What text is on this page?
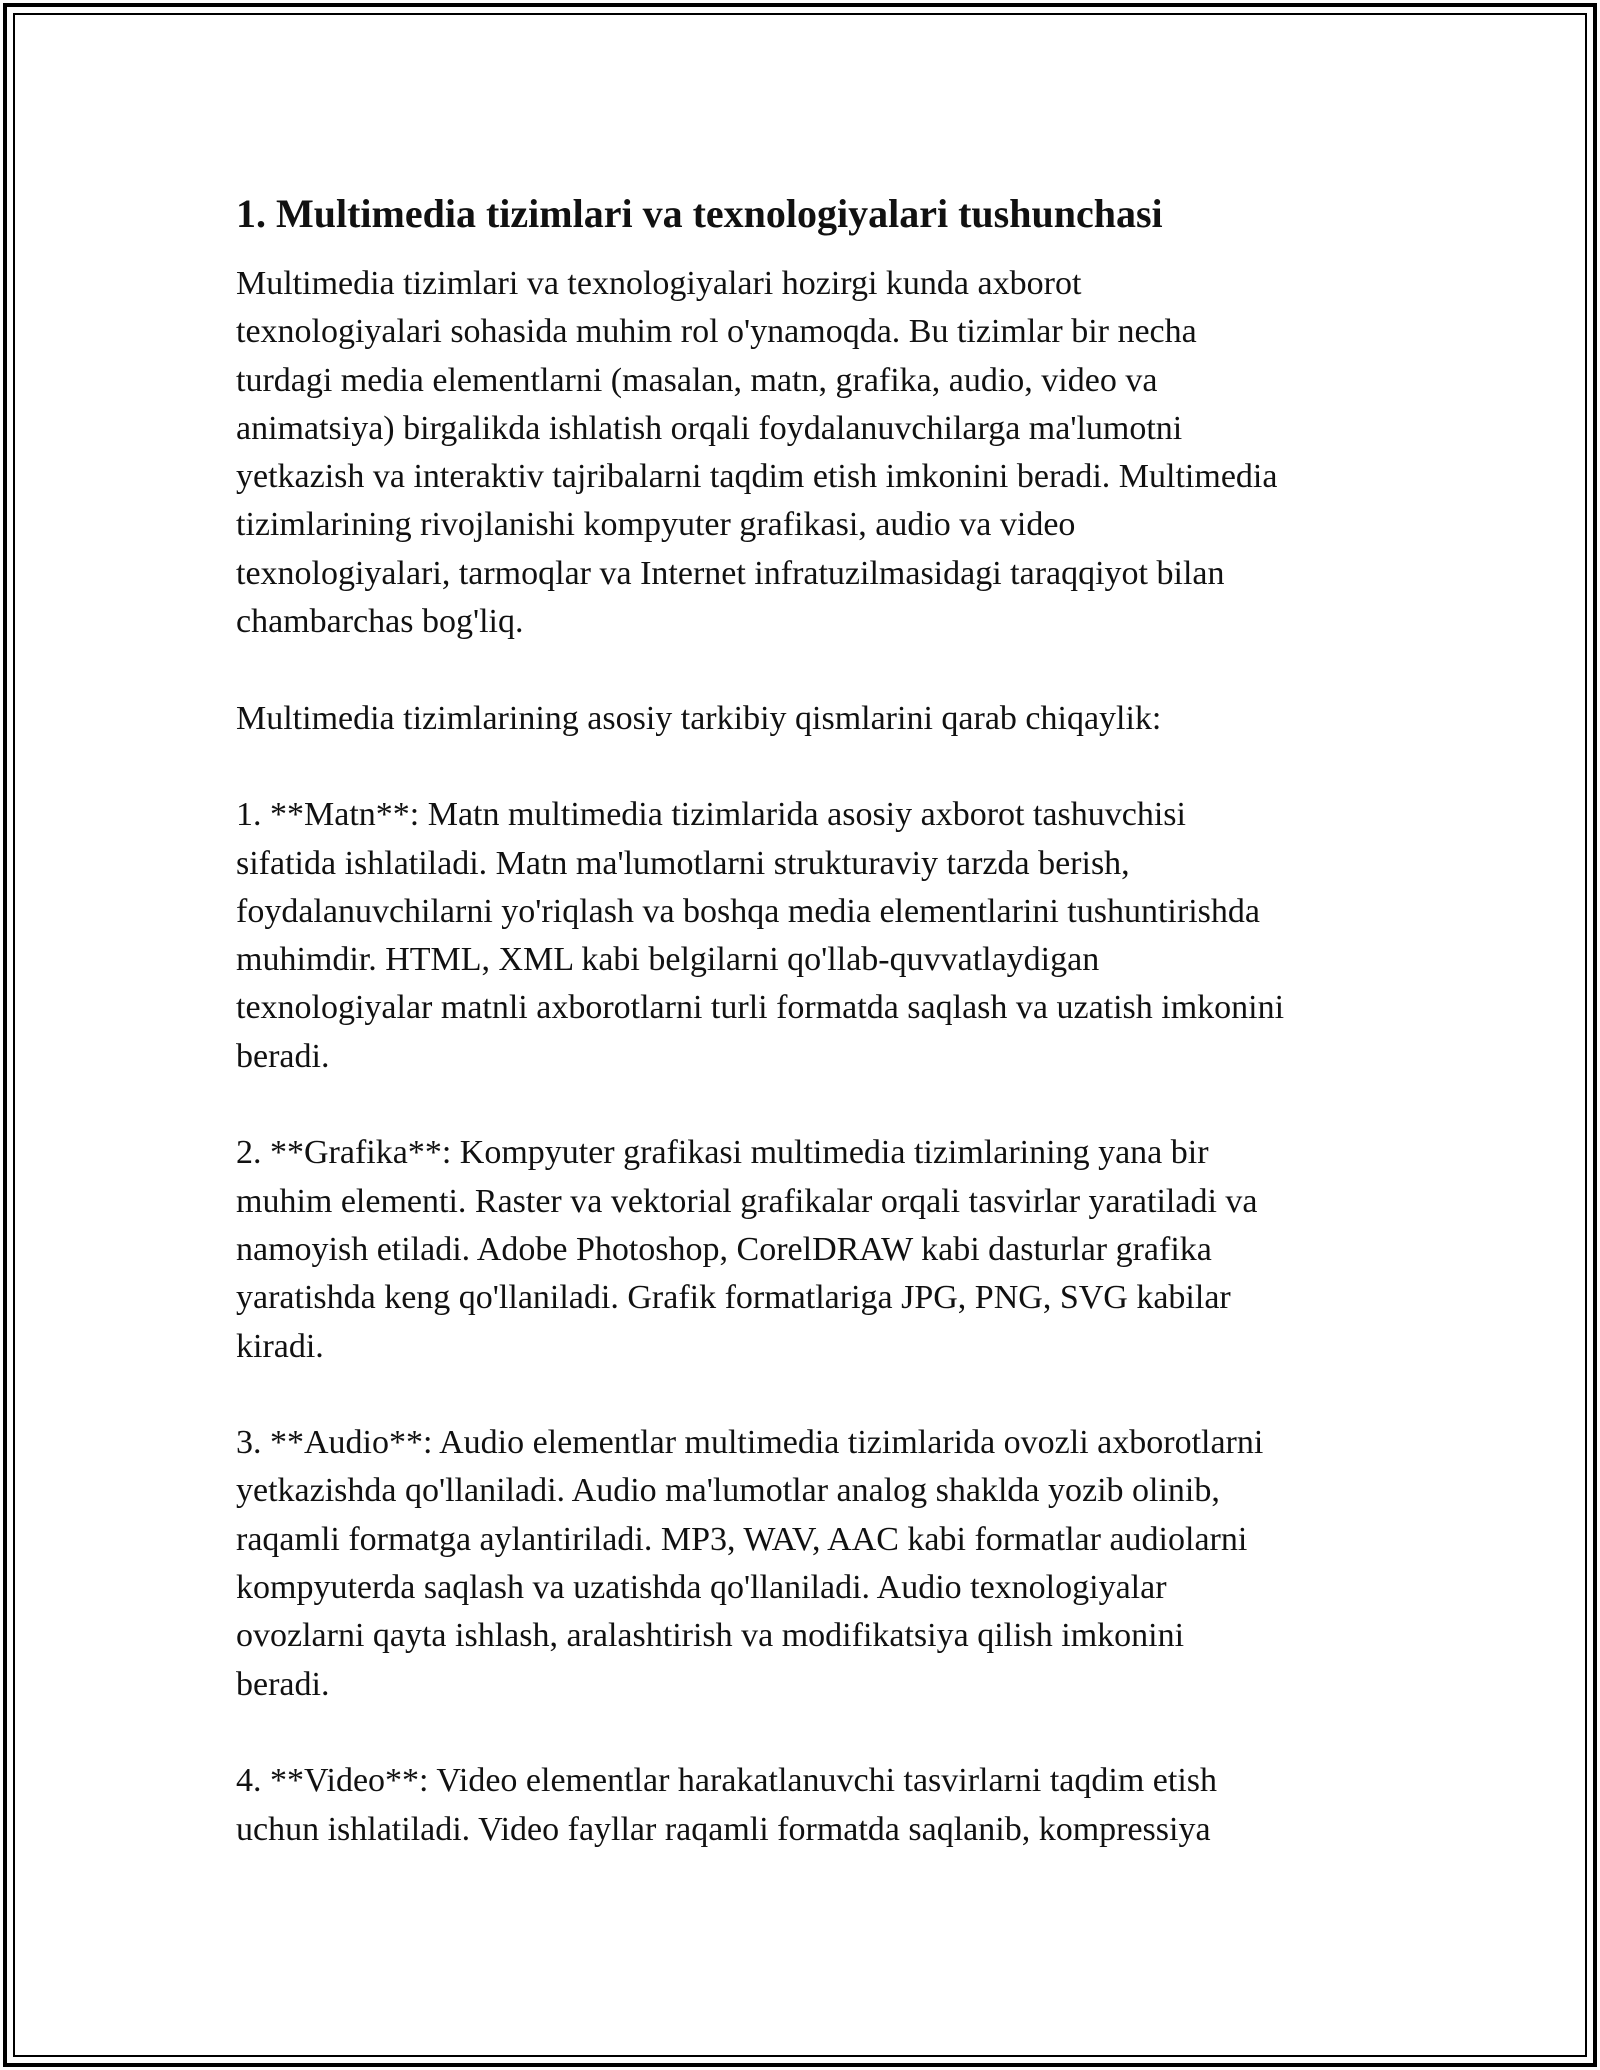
1. Multimedia tizimlari va texnologiyalari tushunchasi
Multimedia tizimlari va texnologiyalari hozirgi kunda axborot
texnologiyalari sohasida muhim rol o'ynamoqda. Bu tizimlar bir necha
turdagi media elementlarni (masalan, matn, grafika, audio, video va
animatsiya) birgalikda ishlatish orqali foydalanuvchilarga ma'lumotni
yetkazish va interaktiv tajribalarni taqdim etish imkonini beradi. Multimedia
tizimlarining rivojlanishi kompyuter grafikasi, audio va video
texnologiyalari, tarmoqlar va Internet infratuzilmasidagi taraqqiyot bilan
chambarchas bog'liq.
Multimedia tizimlarining asosiy tarkibiy qismlarini qarab chiqaylik:
1. **Matn**: Matn multimedia tizimlarida asosiy axborot tashuvchisi
sifatida ishlatiladi. Matn ma'lumotlarni strukturaviy tarzda berish,
foydalanuvchilarni yo'riqlash va boshqa media elementlarini tushuntirishda
muhimdir. HTML, XML kabi belgilarni qo'llab-quvvatlaydigan
texnologiyalar matnli axborotlarni turli formatda saqlash va uzatish imkonini
beradi.
2. **Grafika**: Kompyuter grafikasi multimedia tizimlarining yana bir
muhim elementi. Raster va vektorial grafikalar orqali tasvirlar yaratiladi va
namoyish etiladi. Adobe Photoshop, CorelDRAW kabi dasturlar grafika
yaratishda keng qo'llaniladi. Grafik formatlariga JPG, PNG, SVG kabilar
kiradi.
3. **Audio**: Audio elementlar multimedia tizimlarida ovozli axborotlarni
yetkazishda qo'llaniladi. Audio ma'lumotlar analog shaklda yozib olinib,
raqamli formatga aylantiriladi. MP3, WAV, AAC kabi formatlar audiolarni
kompyuterda saqlash va uzatishda qo'llaniladi. Audio texnologiyalar
ovozlarni qayta ishlash, aralashtirish va modifikatsiya qilish imkonini
beradi.
4. **Video**: Video elementlar harakatlanuvchi tasvirlarni taqdim etish
uchun ishlatiladi. Video fayllar raqamli formatda saqlanib, kompressiya
